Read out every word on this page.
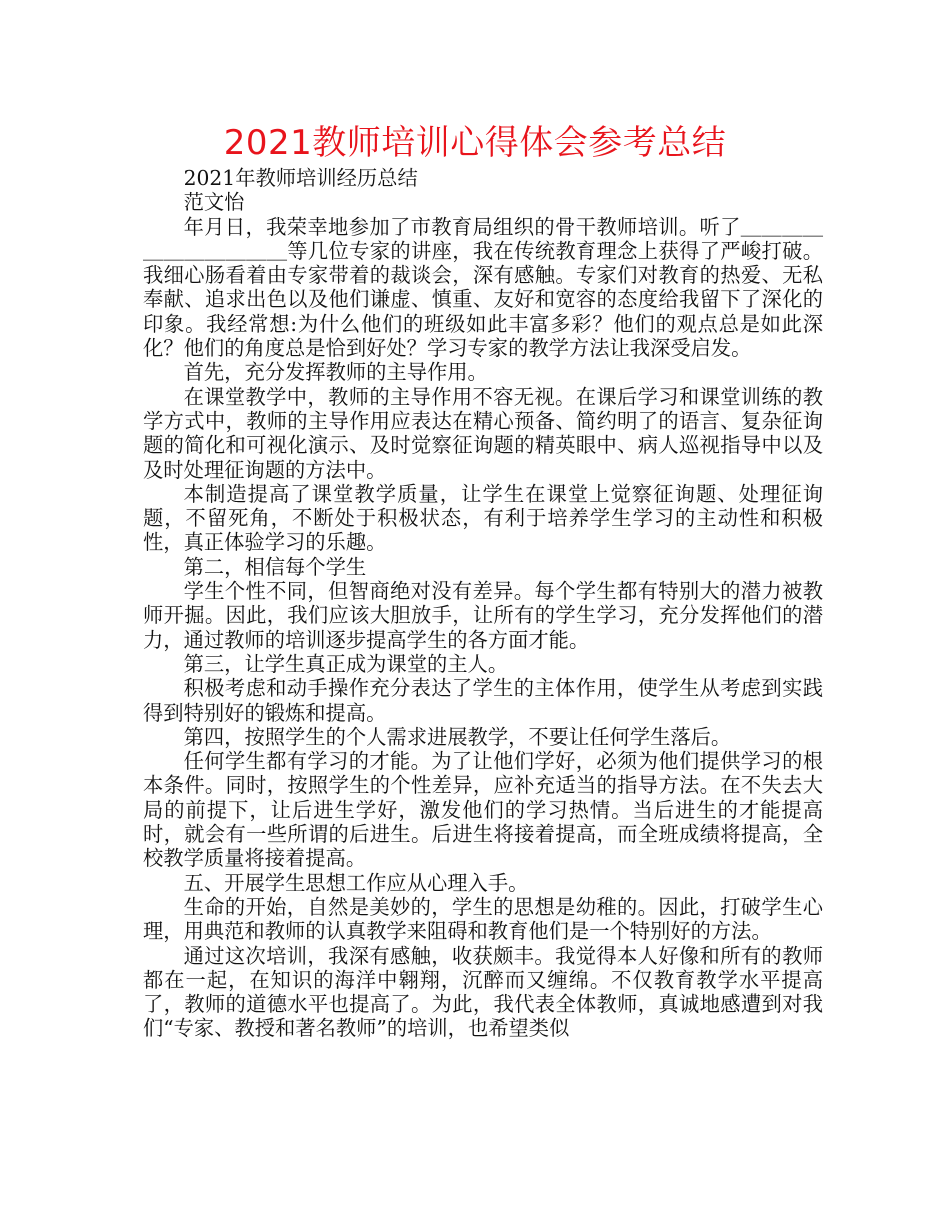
2021教师培训心得体会参考总结

2021年教师培训经历总结

范文怡

年月日，我荣幸地参加了市教育局组织的骨干教师培训。听了＿＿＿＿＿＿＿＿＿＿＿等几位专家的讲座，我在传统教育理念上获得了严峻打破。我细心肠看着由专家带着的裁谈会，深有感触。专家们对教育的热爱、无私奉献、追求出色以及他们谦虚、慎重、友好和宽容的态度给我留下了深化的印象。我经常想:为什么他们的班级如此丰富多彩？他们的观点总是如此深化？他们的角度总是恰到好处？学习专家的教学方法让我深受启发。

首先，充分发挥教师的主导作用。

在课堂教学中，教师的主导作用不容无视。在课后学习和课堂训练的教学方式中，教师的主导作用应表达在精心预备、简约明了的语言、复杂征询题的简化和可视化演示、及时觉察征询题的精英眼中、病人巡视指导中以及及时处理征询题的方法中。

本制造提高了课堂教学质量，让学生在课堂上觉察征询题、处理征询题，不留死角，不断处于积极状态，有利于培养学生学习的主动性和积极性，真正体验学习的乐趣。

第二，相信每个学生

学生个性不同，但智商绝对没有差异。每个学生都有特别大的潜力被教师开掘。因此，我们应该大胆放手，让所有的学生学习，充分发挥他们的潜力，通过教师的培训逐步提高学生的各方面才能。

第三，让学生真正成为课堂的主人。

积极考虑和动手操作充分表达了学生的主体作用，使学生从考虑到实践得到特别好的锻炼和提高。

第四，按照学生的个人需求进展教学，不要让任何学生落后。

任何学生都有学习的才能。为了让他们学好，必须为他们提供学习的根本条件。同时，按照学生的个性差异，应补充适当的指导方法。在不失去大局的前提下，让后进生学好，激发他们的学习热情。当后进生的才能提高时，就会有一些所谓的后进生。后进生将接着提高，而全班成绩将提高，全校教学质量将接着提高。

五、开展学生思想工作应从心理入手。

生命的开始，自然是美妙的，学生的思想是幼稚的。因此，打破学生心理，用典范和教师的认真教学来阻碍和教育他们是一个特别好的方法。

通过这次培训，我深有感触，收获颇丰。我觉得本人好像和所有的教师都在一起，在知识的海洋中翱翔，沉醉而又缠绵。不仅教育教学水平提高了，教师的道德水平也提高了。为此，我代表全体教师，真诚地感遭到对我们“专家、教授和著名教师”的培训，也希望类似
